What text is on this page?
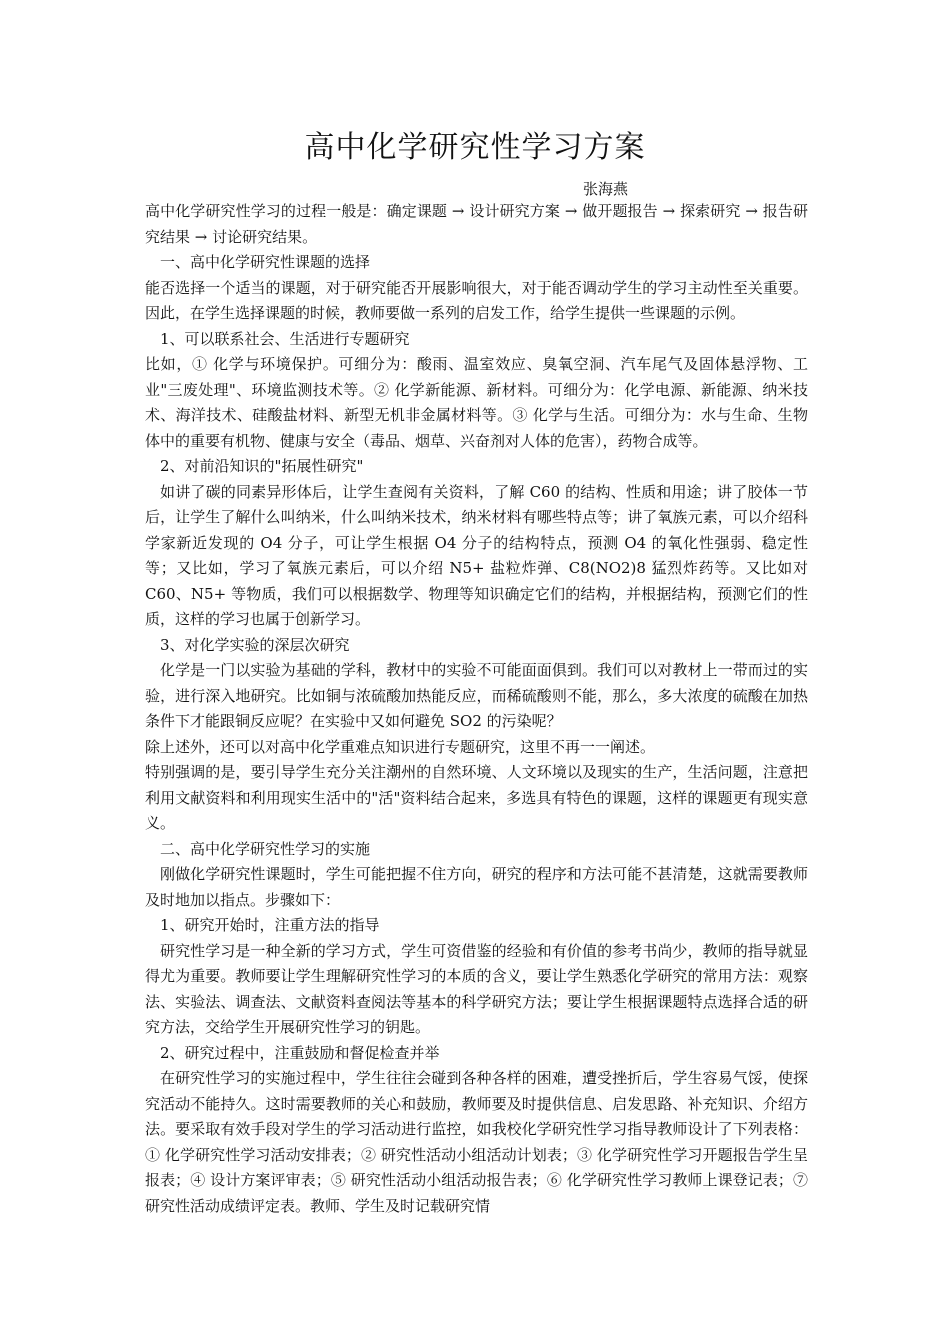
高中化学研究性学习方案
张海燕

高中化学研究性学习的过程一般是：确定课题 → 设计研究方案 → 做开题报告 → 探索研究 → 报告研究结果 → 讨论研究结果。

一、高中化学研究性课题的选择

能否选择一个适当的课题，对于研究能否开展影响很大，对于能否调动学生的学习主动性至关重要。因此，在学生选择课题的时候，教师要做一系列的启发工作，给学生提供一些课题的示例。

1、可以联系社会、生活进行专题研究

比如，① 化学与环境保护。可细分为：酸雨、温室效应、臭氧空洞、汽车尾气及固体悬浮物、工业"三废处理"、环境监测技术等。② 化学新能源、新材料。可细分为：化学电源、新能源、纳米技术、海洋技术、硅酸盐材料、新型无机非金属材料等。③ 化学与生活。可细分为：水与生命、生物体中的重要有机物、健康与安全（毒品、烟草、兴奋剂对人体的危害），药物合成等。

2、对前沿知识的"拓展性研究"

如讲了碳的同素异形体后，让学生查阅有关资料，了解 C60 的结构、性质和用途；讲了胶体一节后，让学生了解什么叫纳米，什么叫纳米技术，纳米材料有哪些特点等；讲了氧族元素，可以介绍科学家新近发现的 O4 分子，可让学生根据 O4 分子的结构特点，预测 O4 的氧化性强弱、稳定性等；又比如，学习了氧族元素后，可以介绍 N5+ 盐粒炸弹、C8(NO2)8 猛烈炸药等。又比如对 C60、N5+ 等物质，我们可以根据数学、物理等知识确定它们的结构，并根据结构，预测它们的性质，这样的学习也属于创新学习。

3、对化学实验的深层次研究

化学是一门以实验为基础的学科，教材中的实验不可能面面俱到。我们可以对教材上一带而过的实验，进行深入地研究。比如铜与浓硫酸加热能反应，而稀硫酸则不能，那么，多大浓度的硫酸在加热条件下才能跟铜反应呢？在实验中又如何避免 SO2 的污染呢？

除上述外，还可以对高中化学重难点知识进行专题研究，这里不再一一阐述。

特别强调的是，要引导学生充分关注潮州的自然环境、人文环境以及现实的生产，生活问题，注意把利用文献资料和利用现实生活中的"活"资料结合起来，多选具有特色的课题，这样的课题更有现实意义。

二、高中化学研究性学习的实施

刚做化学研究性课题时，学生可能把握不住方向，研究的程序和方法可能不甚清楚，这就需要教师及时地加以指点。步骤如下：

1、研究开始时，注重方法的指导

研究性学习是一种全新的学习方式，学生可资借鉴的经验和有价值的参考书尚少，教师的指导就显得尤为重要。教师要让学生理解研究性学习的本质的含义，要让学生熟悉化学研究的常用方法：观察法、实验法、调查法、文献资料查阅法等基本的科学研究方法；要让学生根据课题特点选择合适的研究方法，交给学生开展研究性学习的钥匙。

2、研究过程中，注重鼓励和督促检查并举

在研究性学习的实施过程中，学生往往会碰到各种各样的困难，遭受挫折后，学生容易气馁，使探究活动不能持久。这时需要教师的关心和鼓励，教师要及时提供信息、启发思路、补充知识、介绍方法。要采取有效手段对学生的学习活动进行监控，如我校化学研究性学习指导教师设计了下列表格：① 化学研究性学习活动安排表；② 研究性活动小组活动计划表；③ 化学研究性学习开题报告学生呈报表；④ 设计方案评审表；⑤ 研究性活动小组活动报告表；⑥ 化学研究性学习教师上课登记表；⑦ 研究性活动成绩评定表。教师、学生及时记载研究情
